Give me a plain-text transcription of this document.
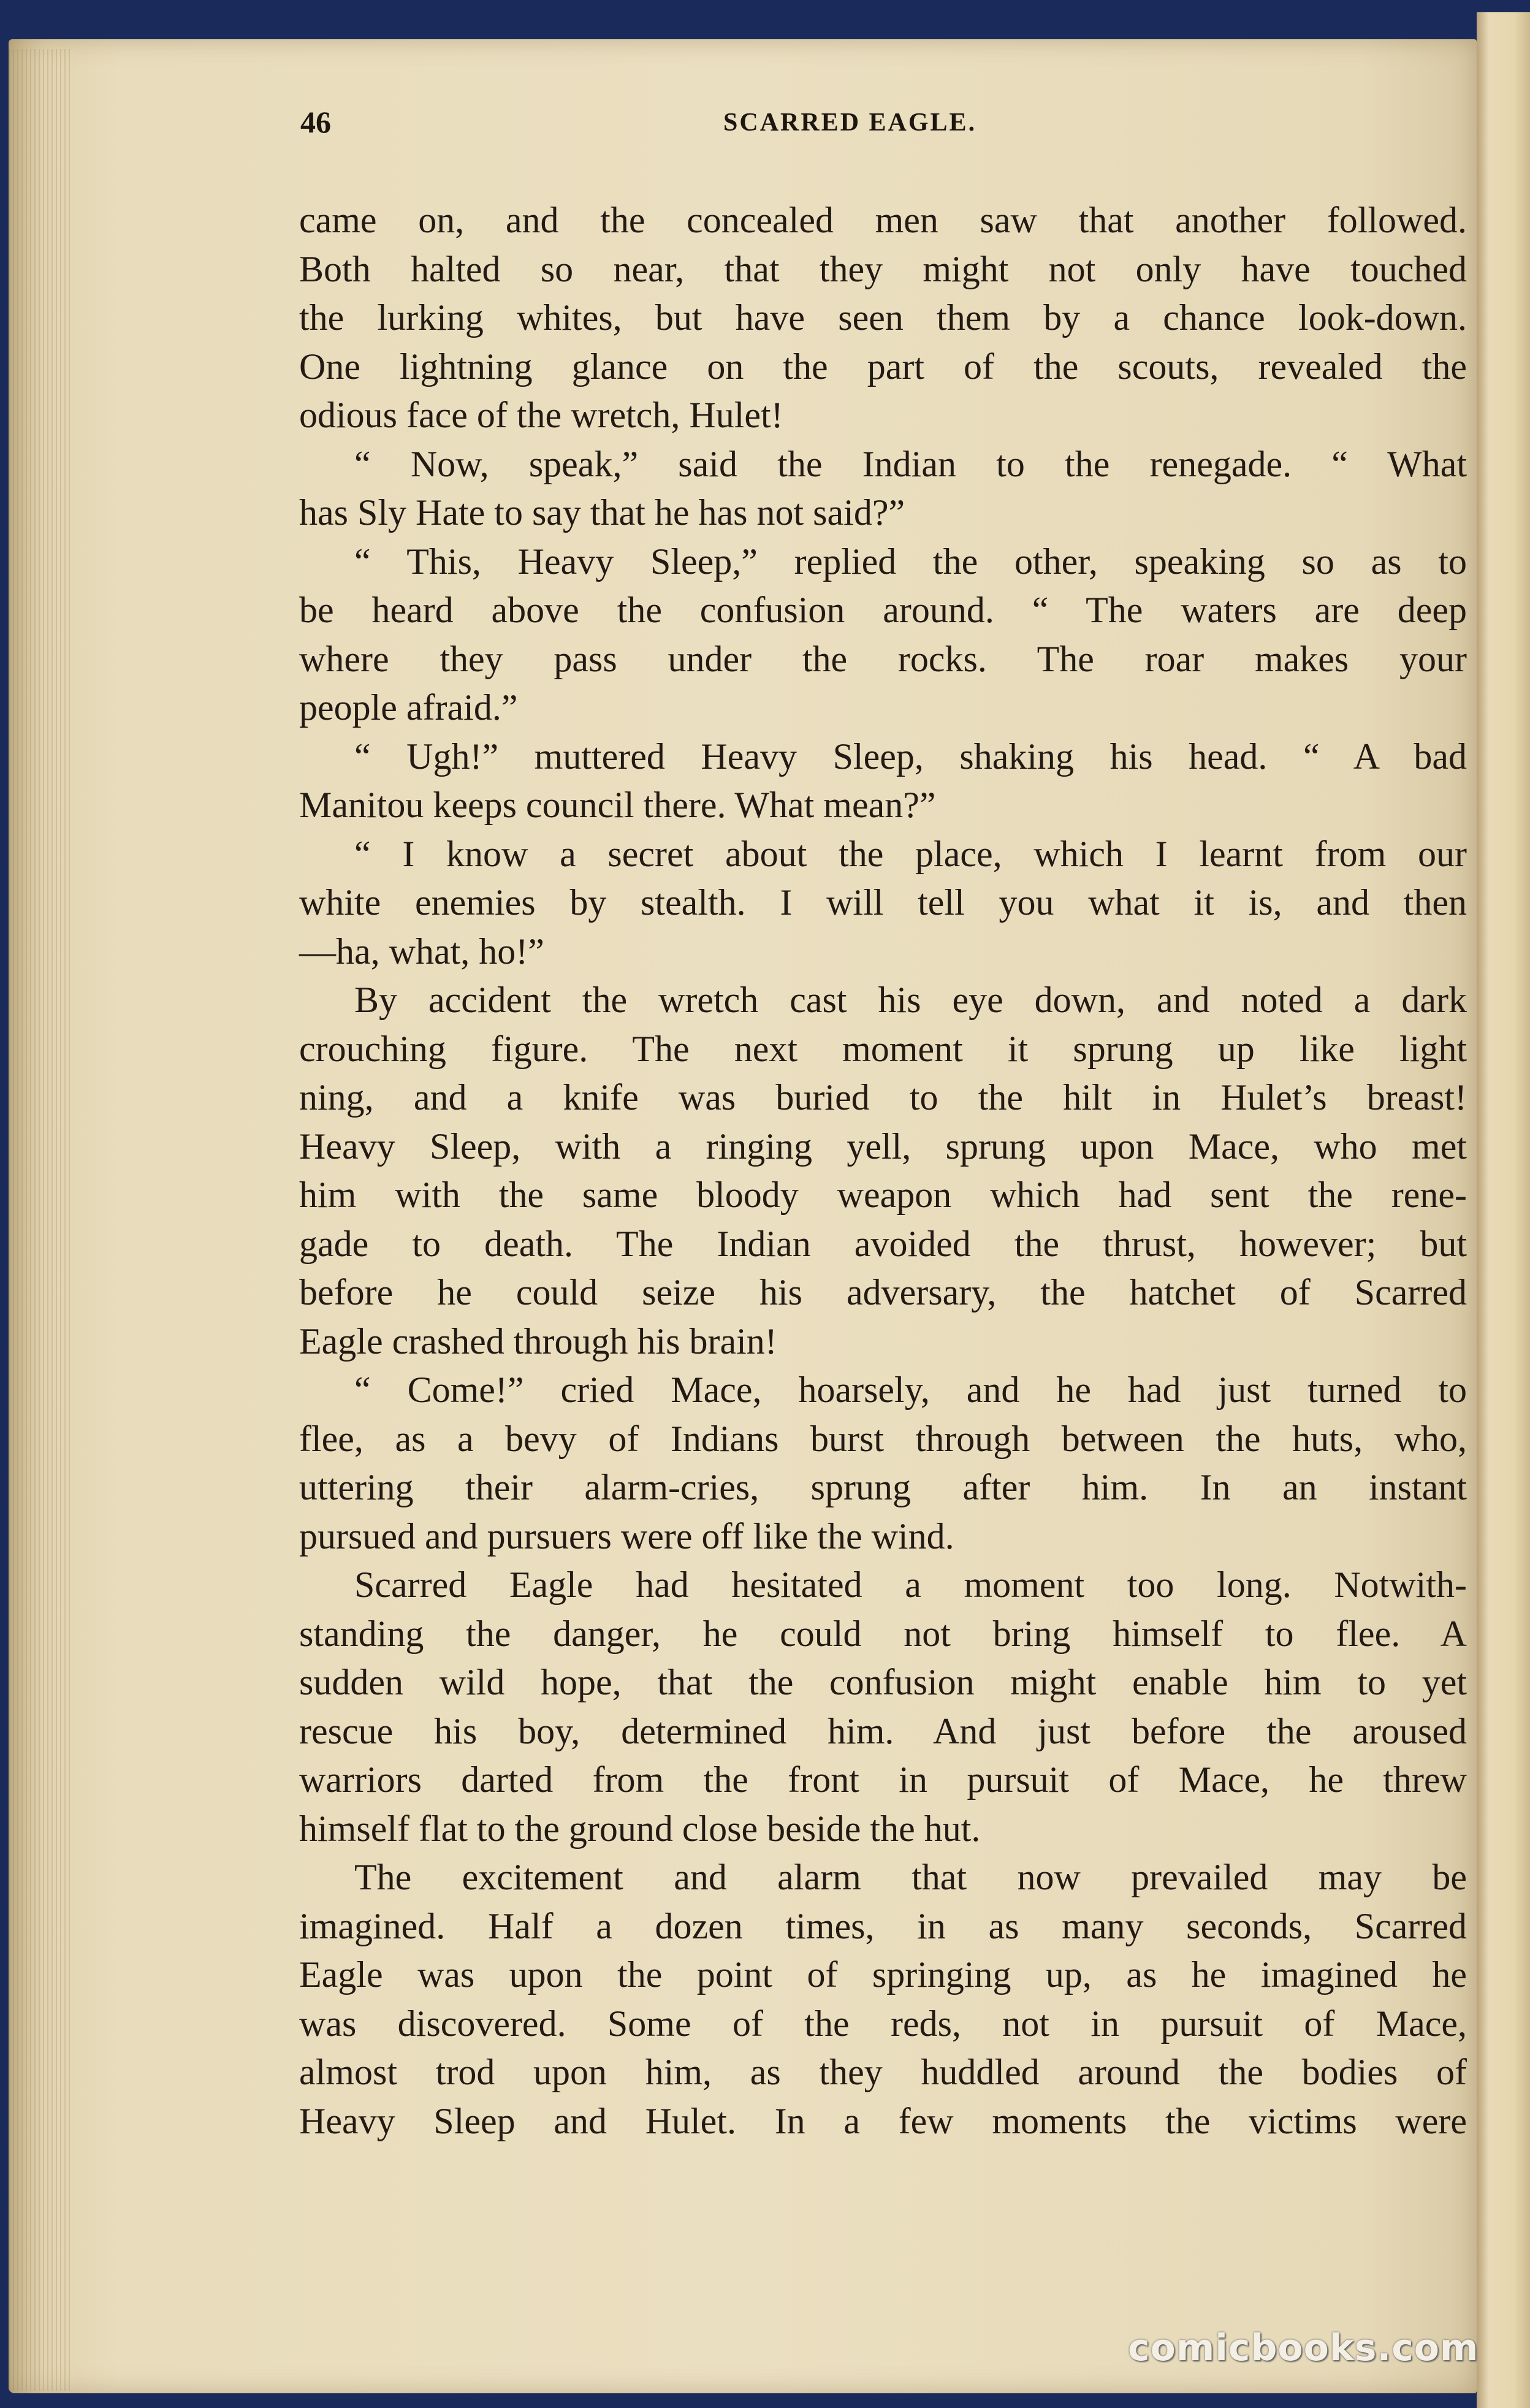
46	SCARRED EAGLE.
came on, and the concealed men saw that another followed.
Both halted so near, that they might not only have touched
the lurking whites, but have seen them by a chance look-down.
One lightning glance on the part of the scouts, revealed the
odious face of the wretch, Hulet!
“ Now, speak,” said the Indian to the renegade. “ What
has Sly Hate to say that he has not said?”
“ This, Heavy Sleep,” replied the other, speaking so as to
be heard above the confusion around. “ The waters are deep
where they pass under the rocks. The roar makes your
people afraid.”
“ Ugh!” muttered Heavy Sleep, shaking his head. “ A bad
Manitou keeps council there. What mean?”
“ I know a secret about the place, which I learnt from our
white enemies by stealth. I will tell you what it is, and then
—ha, what, ho!”
By accident the wretch cast his eye down, and noted a dark
crouching figure. The next moment it sprung up like light
ning, and a knife was buried to the hilt in Hulet’s breast!
Heavy Sleep, with a ringing yell, sprung upon Mace, who met
him with the same bloody weapon which had sent the rene-
gade to death. The Indian avoided the thrust, however; but
before he could seize his adversary, the hatchet of Scarred
Eagle crashed through his brain!
“ Come!” cried Mace, hoarsely, and he had just turned to
flee, as a bevy of Indians burst through between the huts, who,
uttering their alarm-cries, sprung after him. In an instant
pursued and pursuers were off like the wind.
Scarred Eagle had hesitated a moment too long. Notwith-
standing the danger, he could not bring himself to flee. A
sudden wild hope, that the confusion might enable him to yet
rescue his boy, determined him. And just before the aroused
warriors darted from the front in pursuit of Mace, he threw
himself flat to the ground close beside the hut.
The excitement and alarm that now prevailed may be
imagined. Half a dozen times, in as many seconds, Scarred
Eagle was upon the point of springing up, as he imagined he
was discovered. Some of the reds, not in pursuit of Mace,
almost trod upon him, as they huddled around the bodies of
Heavy Sleep and Hulet. In a few moments the victims were
comicbooks.com
